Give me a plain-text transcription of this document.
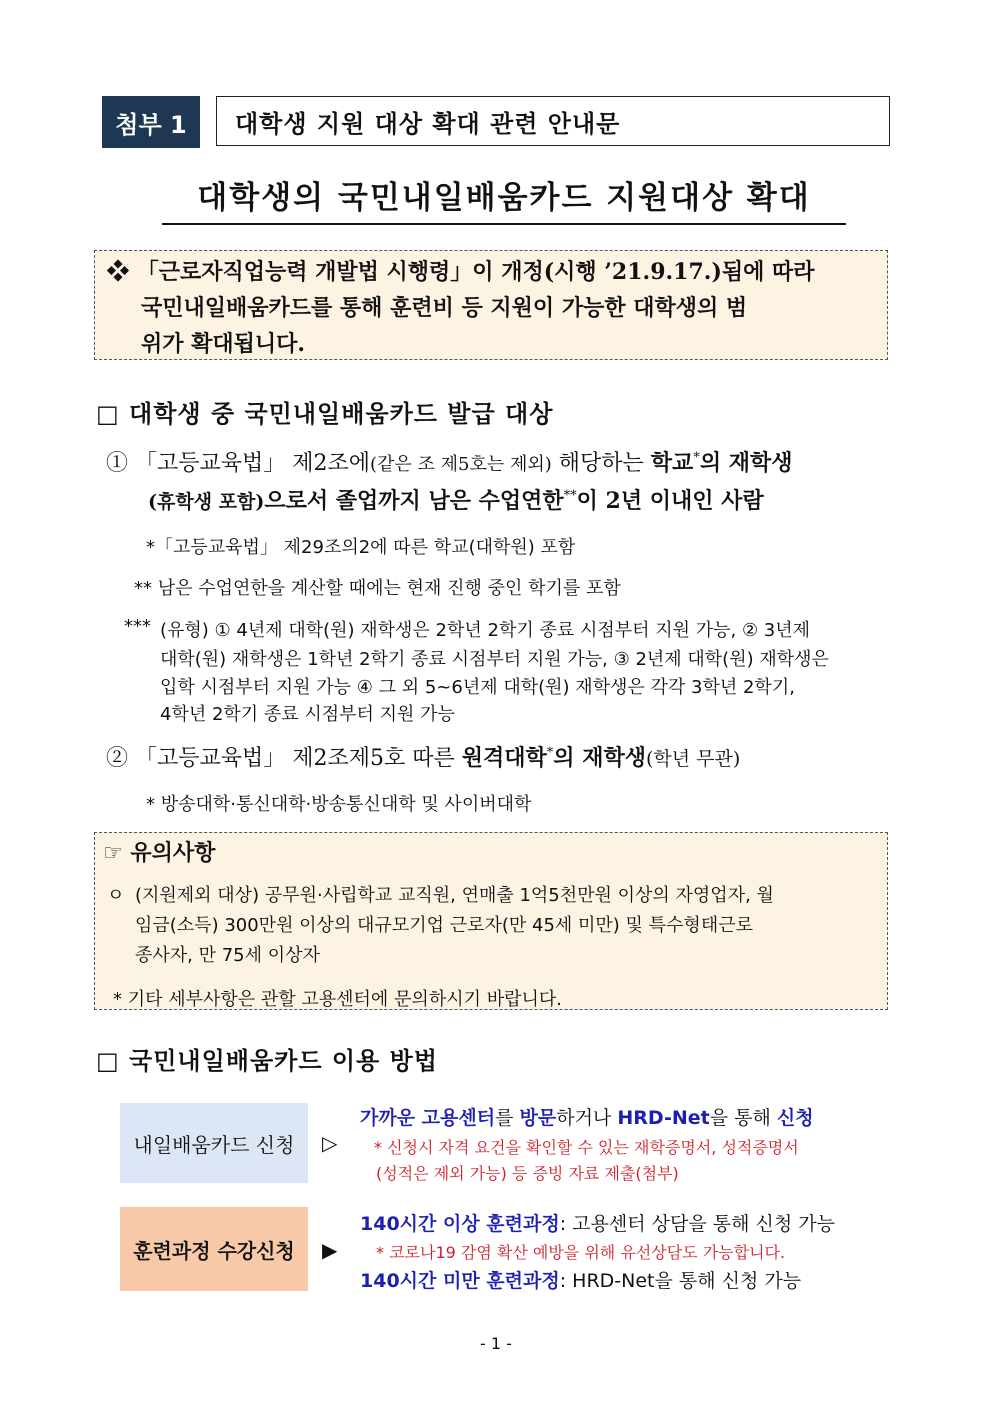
첨부 1	대학생 지원 대상 확대 관련 안내문
대학생의 국민내일배움카드 지원대상 확대
❖ 「근로자직업능력 개발법 시행령」이 개정(시행 ’21.9.17.)됨에 따라
국민내일배움카드를 통해 훈련비 등 지원이 가능한 대학생의 범
위가 확대됩니다.
□ 대학생 중 국민내일배움카드 발급 대상
① 「고등교육법」 제2조에(같은 조 제5호는 제외) 해당하는 학교*의 재학생
(휴학생 포함)으로서 졸업까지 남은 수업연한**이 2년 이내인 사람
*「고등교육법」 제29조의2에 따른 학교(대학원) 포함
** 남은 수업연한을 계산할 때에는 현재 진행 중인 학기를 포함
*** (유형) ① 4년제 대학(원) 재학생은 2학년 2학기 종료 시점부터 지원 가능, ② 3년제
대학(원) 재학생은 1학년 2학기 종료 시점부터 지원 가능, ③ 2년제 대학(원) 재학생은
입학 시점부터 지원 가능 ④ 그 외 5~6년제 대학(원) 재학생은 각각 3학년 2학기,
4학년 2학기 종료 시점부터 지원 가능
② 「고등교육법」 제2조제5호 따른 원격대학*의 재학생(학년 무관)
* 방송대학·통신대학·방송통신대학 및 사이버대학
☞ 유의사항
ㅇ (지원제외 대상) 공무원·사립학교 교직원, 연매출 1억5천만원 이상의 자영업자, 월
임금(소득) 300만원 이상의 대규모기업 근로자(만 45세 미만) 및 특수형태근로
종사자, 만 75세 이상자
* 기타 세부사항은 관할 고용센터에 문의하시기 바랍니다.
□ 국민내일배움카드 이용 방법
내일배움카드 신청 ▷
가까운 고용센터를 방문하거나 HRD-Net을 통해 신청
* 신청시 자격 요건을 확인할 수 있는 재학증명서, 성적증명서
(성적은 제외 가능) 등 증빙 자료 제출(첨부)
훈련과정 수강신청 ▶
140시간 이상 훈련과정: 고용센터 상담을 통해 신청 가능
* 코로나19 감염 확산 예방을 위해 유선상담도 가능합니다.
140시간 미만 훈련과정: HRD-Net을 통해 신청 가능
- 1 -
